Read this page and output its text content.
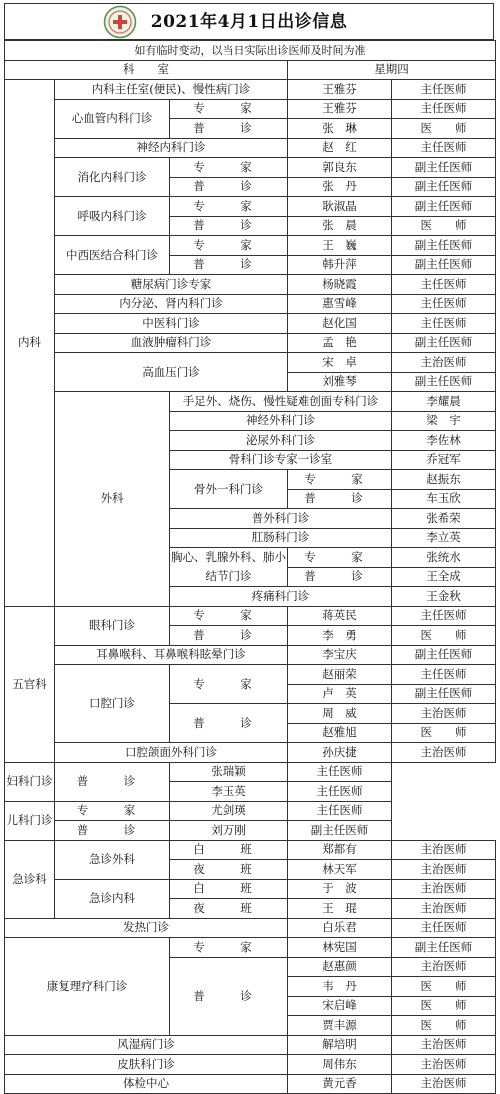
2021年4月1日出诊信息
如有临时变动，以当日实际出诊医师及时间为准					
科　　室			星期四		
内科	内科主任室(便民)、慢性病门诊		王雅芬	主任医师	
	心血管内科门诊	专　家	王雅芬	主任医师	
		普　诊	张　琳	医　　师	
	神经内科门诊		赵　红	主任医师	
	消化内科门诊	专　家	郭良东	副主任医师	
		普　诊	张　丹	副主任医师	
	呼吸内科门诊	专　家	耿淑晶	副主任医师	
		普　诊	张　晨	医　　师	
	中西医结合科门诊	专　家	王　巍	副主任医师	
		普　诊	韩升萍	副主任医师	
	糖尿病门诊专家		杨晓霞	主任医师	
	内分泌、肾内科门诊		惠雪峰	主任医师	
	中医科门诊		赵化国	主任医师	
	血液肿瘤科门诊		孟　艳	副主任医师	
	高血压门诊		宋　卓	主治医师	
			刘雅琴	副主任医师	
	外科	手足外、烧伤、慢性疑难创面专科门诊		李耀晨	
		神经外科门诊		梁　宇	
		泌尿外科门诊		李佐林	
		骨科门诊专家一诊室		乔冠军	
		骨外一科门诊	专　家	赵振东	
			普　诊	车玉欣	
		普外科门诊		张希荣	
		肛肠科门诊		李立英	
		胸心、乳腺外科、肺小结节门诊	专　家	张统水	
			普　诊	王全成	
		疼痛科门诊		王金秋	
五官科	眼科门诊	专　家	蒋英民	主任医师	
		普　诊	李　勇	医　　师	
	耳鼻喉科、耳鼻喉科眩晕门诊		李宝庆	副主任医师	
	口腔门诊	专　家	赵丽荣	主任医师	
			卢　英	副主任医师	
		普　诊	周　威	主治医师	
			赵雅旭	医　　师	
	口腔颌面外科门诊		孙庆捷	主治医师	
妇科门诊	普　诊	张瑞颖	主任医师		
		李玉英	主任医师		
儿科门诊	专　家	尤剑瑛	主任医师		
	普　诊	刘万刚	副主任医师		
急诊科	急诊外科	白　班	郑都有	主治医师	
		夜　班	林天军	主治医师	
	急诊内科	白　班	于　波	主治医师	
		夜　班	王　琨	主治医师	
发热门诊			白乐君	主任医师	
康复理疗科门诊		专　家	林宪国	副主任医师	
		普　诊	赵惠颜	主治医师	
			韦　丹	医　　师	
			宋启峰	医　　师	
			贾丰源	医　　师	
风湿病门诊			解培明	主治医师	
皮肤科门诊			周伟东	主治医师	
体检中心			黄元香	主治医师	
